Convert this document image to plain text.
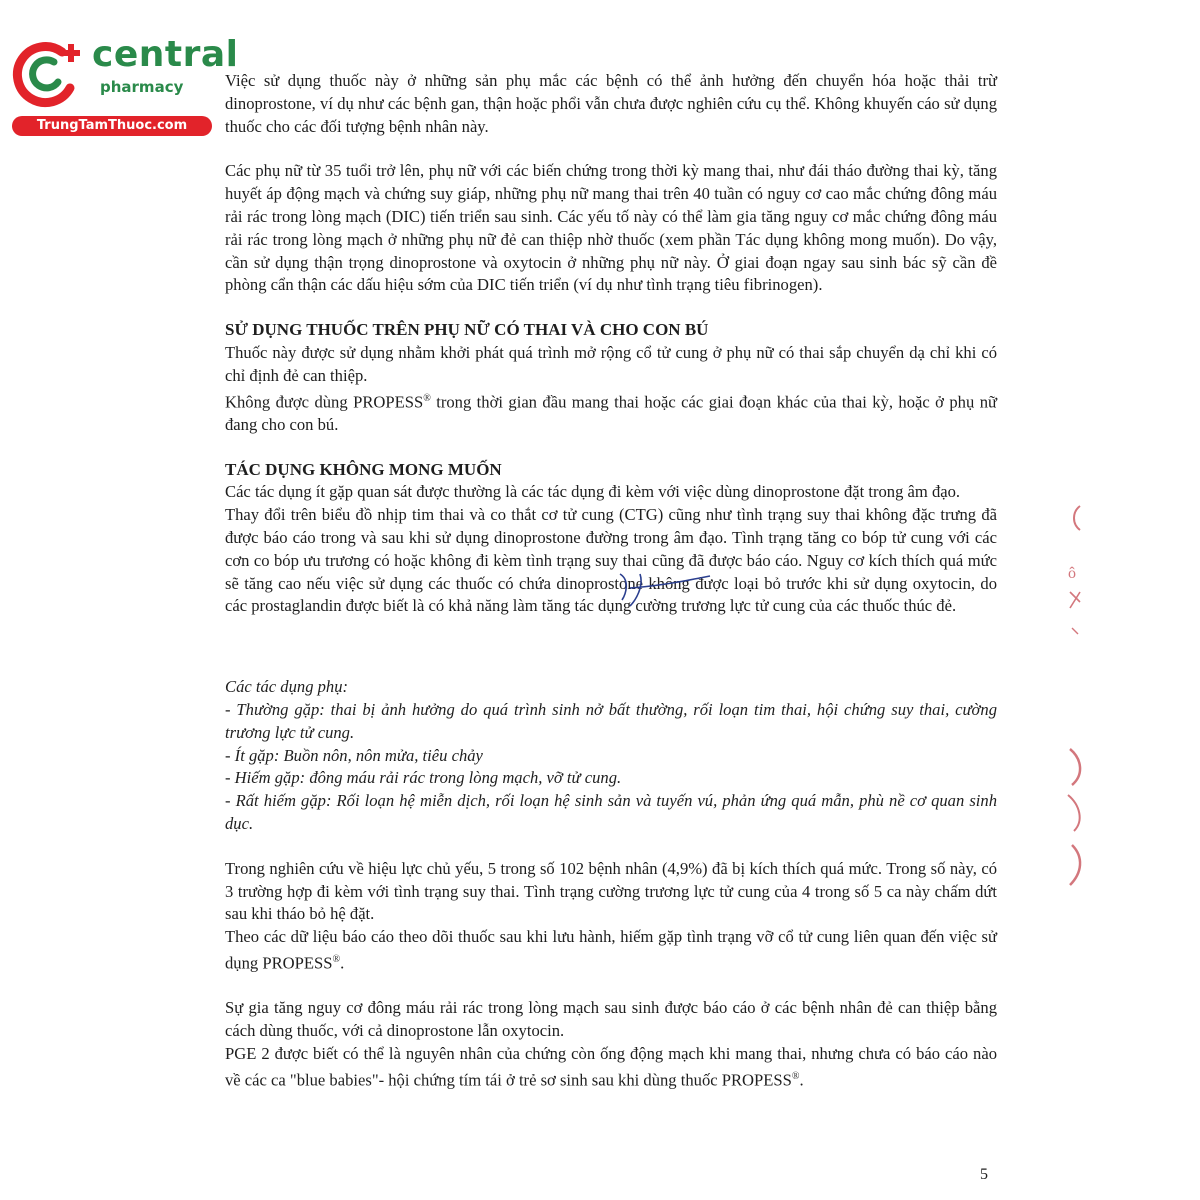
central
pharmacy
TrungTamThuoc.com

Việc sử dụng thuốc này ở những sản phụ mắc các bệnh có thể ảnh hưởng đến chuyển hóa hoặc thải trừ dinoprostone, ví dụ như các bệnh gan, thận hoặc phổi vẫn chưa được nghiên cứu cụ thể. Không khuyến cáo sử dụng thuốc cho các đối tượng bệnh nhân này.

Các phụ nữ từ 35 tuổi trở lên, phụ nữ với các biến chứng trong thời kỳ mang thai, như đái tháo đường thai kỳ, tăng huyết áp động mạch và chứng suy giáp, những phụ nữ mang thai trên 40 tuần có nguy cơ cao mắc chứng đông máu rải rác trong lòng mạch (DIC) tiến triển sau sinh. Các yếu tố này có thể làm gia tăng nguy cơ mắc chứng đông máu rải rác trong lòng mạch ở những phụ nữ đẻ can thiệp nhờ thuốc (xem phần Tác dụng không mong muốn). Do vậy, cần sử dụng thận trọng dinoprostone và oxytocin ở những phụ nữ này. Ở giai đoạn ngay sau sinh bác sỹ cần đề phòng cẩn thận các dấu hiệu sớm của DIC tiến triển (ví dụ như tình trạng tiêu fibrinogen).

SỬ DỤNG THUỐC TRÊN PHỤ NỮ CÓ THAI VÀ CHO CON BÚ

Thuốc này được sử dụng nhằm khởi phát quá trình mở rộng cổ tử cung ở phụ nữ có thai sắp chuyển dạ chỉ khi có chỉ định đẻ can thiệp.
Không được dùng PROPESS® trong thời gian đầu mang thai hoặc các giai đoạn khác của thai kỳ, hoặc ở phụ nữ đang cho con bú.

TÁC DỤNG KHÔNG MONG MUỐN

Các tác dụng ít gặp quan sát được thường là các tác dụng đi kèm với việc dùng dinoprostone đặt trong âm đạo.
Thay đổi trên biểu đồ nhịp tim thai và co thắt cơ tử cung (CTG) cũng như tình trạng suy thai không đặc trưng đã được báo cáo trong và sau khi sử dụng dinoprostone đường trong âm đạo. Tình trạng tăng co bóp tử cung với các cơn co bóp ưu trương có hoặc không đi kèm tình trạng suy thai cũng đã được báo cáo. Nguy cơ kích thích quá mức sẽ tăng cao nếu việc sử dụng các thuốc có chứa dinoprostone không được loại bỏ trước khi sử dụng oxytocin, do các prostaglandin được biết là có khả năng làm tăng tác dụng cường trương lực tử cung của các thuốc thúc đẻ.
Các tác dụng phụ:
- Thường gặp: thai bị ảnh hưởng do quá trình sinh nở bất thường, rối loạn tim thai, hội chứng suy thai, cường trương lực tử cung.
- Ít gặp: Buồn nôn, nôn mửa, tiêu chảy
- Hiếm gặp: đông máu rải rác trong lòng mạch, vỡ tử cung.
- Rất hiếm gặp: Rối loạn hệ miễn dịch, rối loạn hệ sinh sản và tuyến vú, phản ứng quá mẫn, phù nề cơ quan sinh dục.
Trong nghiên cứu về hiệu lực chủ yếu, 5 trong số 102 bệnh nhân (4,9%) đã bị kích thích quá mức. Trong số này, có 3 trường hợp đi kèm với tình trạng suy thai. Tình trạng cường trương lực tử cung của 4 trong số 5 ca này chấm dứt sau khi tháo bỏ hệ đặt.
Theo các dữ liệu báo cáo theo dõi thuốc sau khi lưu hành, hiếm gặp tình trạng vỡ cổ tử cung liên quan đến việc sử dụng PROPESS®.
Sự gia tăng nguy cơ đông máu rải rác trong lòng mạch sau sinh được báo cáo ở các bệnh nhân đẻ can thiệp bằng cách dùng thuốc, với cả dinoprostone lẫn oxytocin.
PGE 2 được biết có thể là nguyên nhân của chứng còn ống động mạch khi mang thai, nhưng chưa có báo cáo nào về các ca "blue babies"- hội chứng tím tái ở trẻ sơ sinh sau khi dùng thuốc PROPESS®.
ô
5
